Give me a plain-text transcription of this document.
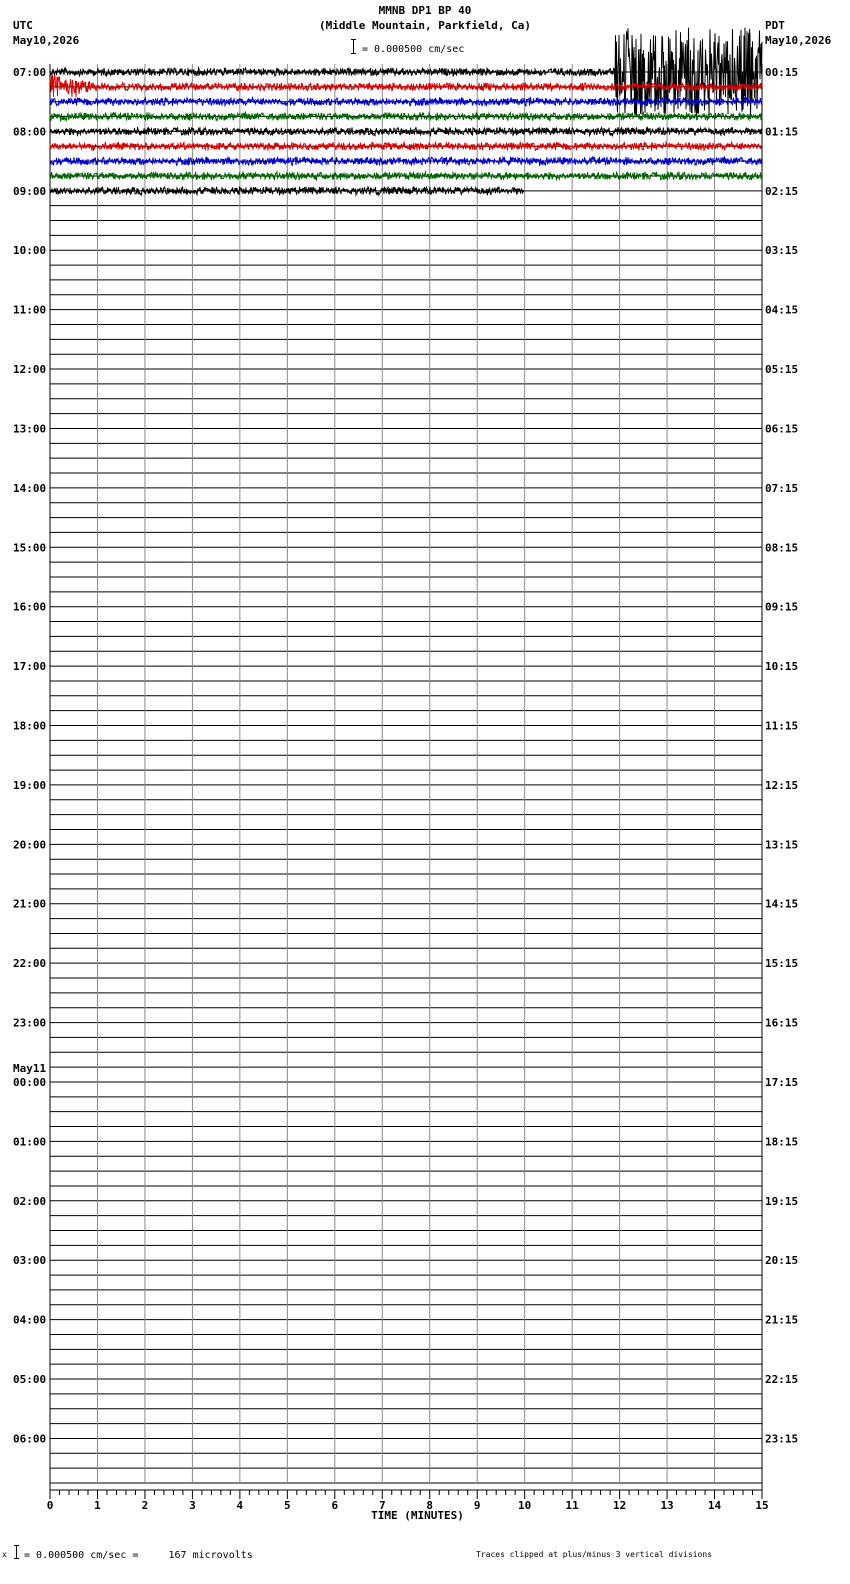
MMNB DP1 BP 40
(Middle Mountain, Parkfield, Ca)
= 0.000500 cm/sec
UTC
May10,2026
PDT
May10,2026
0	1	2	3	4	5	6	7	8	9	10	11	12	13	14	15
07:00
08:00
09:00
10:00
11:00
12:00
13:00
14:00
15:00
16:00
17:00
18:00
19:00
20:00
21:00
22:00
23:00
00:00
May11
01:00
02:00
03:00
04:00
05:00
06:00
00:15
01:15
02:15
03:15
04:15
05:15
06:15
07:15
08:15
09:15
10:15
11:15
12:15
13:15
14:15
15:15
16:15
17:15
18:15
19:15
20:15
21:15
22:15
23:15
TIME (MINUTES)
x = 0.000500 cm/sec =     167 microvolts	Traces clipped at plus/minus 3 vertical divisions
